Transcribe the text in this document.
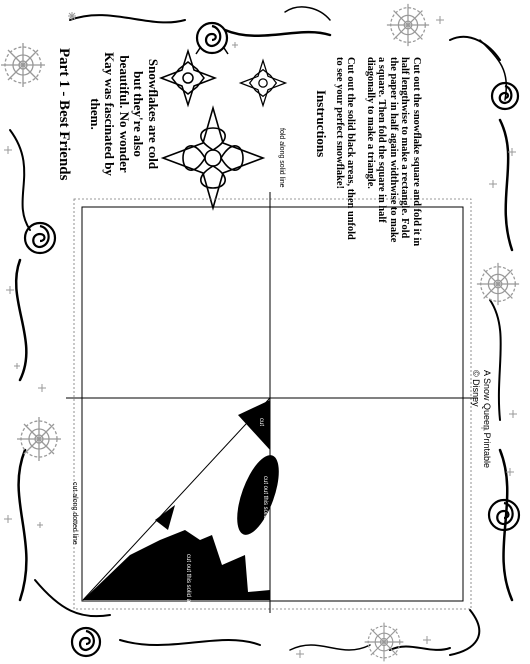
Part 1 - Best Friends	Snowflakes are cold but they're also beautiful. No wonder Kay was fascinated by them.	Instructions	Cut out the snowflake square and fold it in half lengthwise to make a rectangle. Fold the paper in half again widthwise to make a square. Then fold the square in half diagonally to make a triangle.

Cut out the solid black areas, then unfold to see your perfect snowflake!

fold along solid line
cut along dotted line
cut
cut	cut out this solid area
cut out this solid area
A Snow Queen Printable
© Disney
